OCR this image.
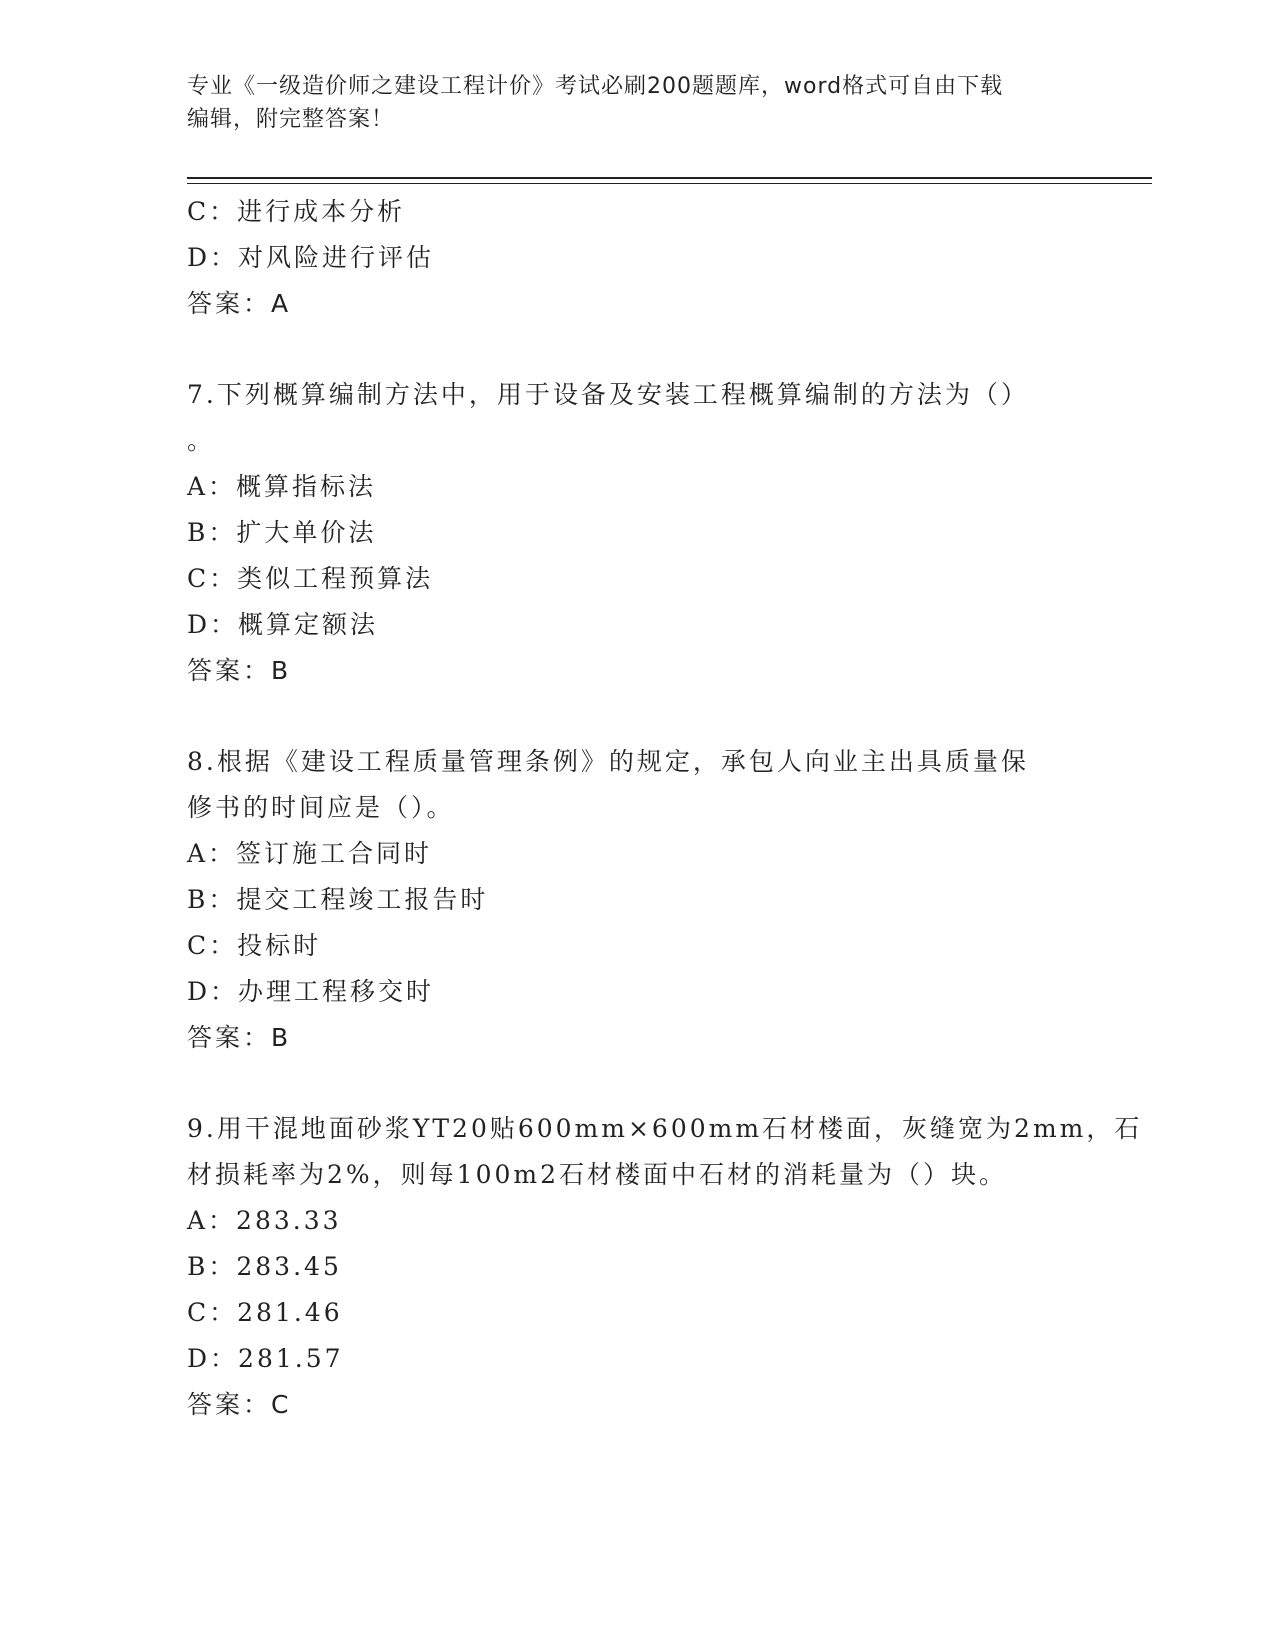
专业《一级造价师之建设工程计价》考试必刷200题题库，word格式可自由下载
编辑，附完整答案！
C：进行成本分析
D：对风险进行评估
答案：A
7.下列概算编制方法中，用于设备及安装工程概算编制的方法为（）
。
A：概算指标法
B：扩大单价法
C：类似工程预算法
D：概算定额法
答案：B
8.根据《建设工程质量管理条例》的规定，承包人向业主出具质量保
修书的时间应是（）。
A：签订施工合同时
B：提交工程竣工报告时
C：投标时
D：办理工程移交时
答案：B
9.用干混地面砂浆YT20贴600mm×600mm石材楼面，灰缝宽为2mm，石
材损耗率为2%，则每100m2石材楼面中石材的消耗量为（）块。
A：283.33
B：283.45
C：281.46
D：281.57
答案：C
